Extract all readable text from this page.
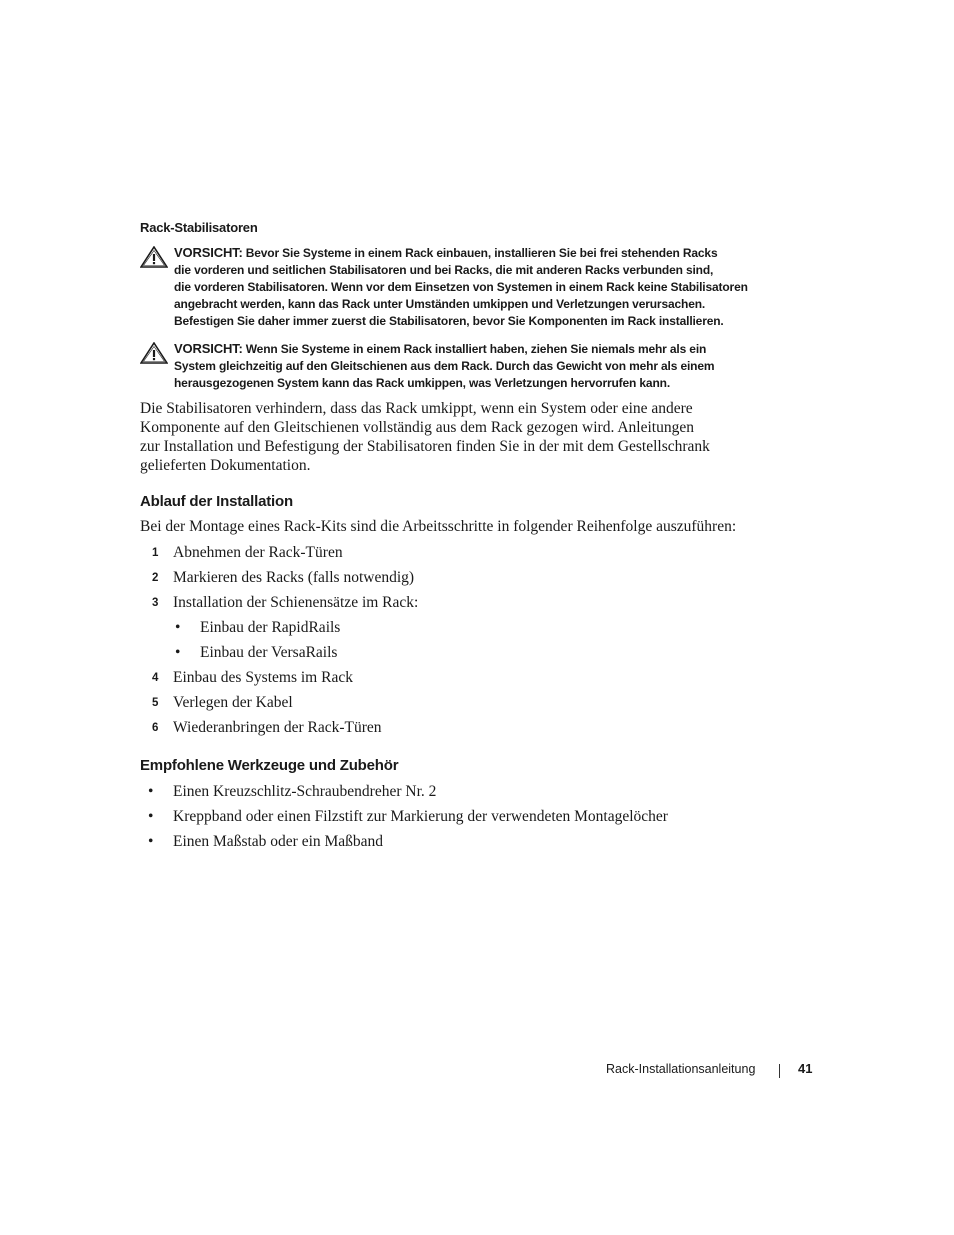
Rack-Stabilisatoren
VORSICHT: Bevor Sie Systeme in einem Rack einbauen, installieren Sie bei frei stehenden Racks
die vorderen und seitlichen Stabilisatoren und bei Racks, die mit anderen Racks verbunden sind,
die vorderen Stabilisatoren. Wenn vor dem Einsetzen von Systemen in einem Rack keine Stabilisatoren
angebracht werden, kann das Rack unter Umständen umkippen und Verletzungen verursachen.
Befestigen Sie daher immer zuerst die Stabilisatoren, bevor Sie Komponenten im Rack installieren.
VORSICHT: Wenn Sie Systeme in einem Rack installiert haben, ziehen Sie niemals mehr als ein
System gleichzeitig auf den Gleitschienen aus dem Rack. Durch das Gewicht von mehr als einem
herausgezogenen System kann das Rack umkippen, was Verletzungen hervorrufen kann.
Die Stabilisatoren verhindern, dass das Rack umkippt, wenn ein System oder eine andere
Komponente auf den Gleitschienen vollständig aus dem Rack gezogen wird. Anleitungen
zur Installation und Befestigung der Stabilisatoren finden Sie in der mit dem Gestellschrank
gelieferten Dokumentation.
Ablauf der Installation
Bei der Montage eines Rack-Kits sind die Arbeitsschritte in folgender Reihenfolge auszuführen:
1 Abnehmen der Rack-Türen
2 Markieren des Racks (falls notwendig)
3 Installation der Schienensätze im Rack:
• Einbau der RapidRails
• Einbau der VersaRails
4 Einbau des Systems im Rack
5 Verlegen der Kabel
6 Wiederanbringen der Rack-Türen
Empfohlene Werkzeuge und Zubehör
• Einen Kreuzschlitz-Schraubendreher Nr. 2
• Kreppband oder einen Filzstift zur Markierung der verwendeten Montagelöcher
• Einen Maßstab oder ein Maßband
Rack-Installationsanleitung	41
